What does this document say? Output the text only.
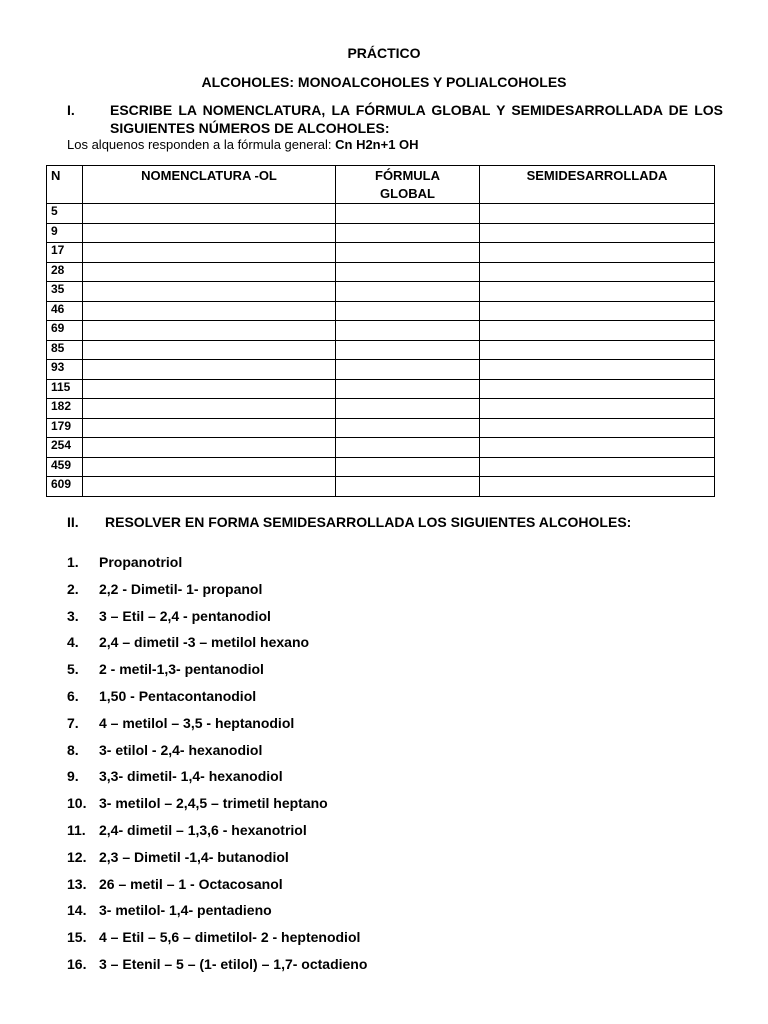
PRÁCTICO
ALCOHOLES: MONOALCOHOLES Y POLIALCOHOLES
I.	ESCRIBE LA NOMENCLATURA, LA FÓRMULA GLOBAL Y SEMIDESARROLLADA DE LOS SIGUIENTES NÚMEROS DE ALCOHOLES:
Los alquenos responden a la fórmula general: Cn H2n+1 OH
N	NOMENCLATURA -OL	FÓRMULA
GLOBAL	SEMIDESARROLLADA
5			
9			
17			
28			
35			
46			
69			
85			
93			
115			
182			
179			
254			
459			
609			
II. RESOLVER EN FORMA SEMIDESARROLLADA LOS SIGUIENTES ALCOHOLES:
1. Propanotriol
2. 2,2 - Dimetil- 1- propanol
3. 3 – Etil – 2,4 - pentanodiol
4. 2,4 – dimetil -3 – metilol hexano
5. 2 - metil-1,3- pentanodiol
6. 1,50 - Pentacontanodiol
7. 4 – metilol – 3,5 - heptanodiol
8. 3- etilol - 2,4- hexanodiol
9. 3,3- dimetil- 1,4- hexanodiol
10. 3- metilol – 2,4,5 – trimetil heptano
11. 2,4- dimetil – 1,3,6 - hexanotriol
12. 2,3 – Dimetil -1,4- butanodiol
13. 26 – metil – 1 - Octacosanol
14. 3- metilol- 1,4- pentadieno
15. 4 – Etil – 5,6 – dimetilol- 2 - heptenodiol
16. 3 – Etenil – 5 – (1- etilol) – 1,7- octadieno
